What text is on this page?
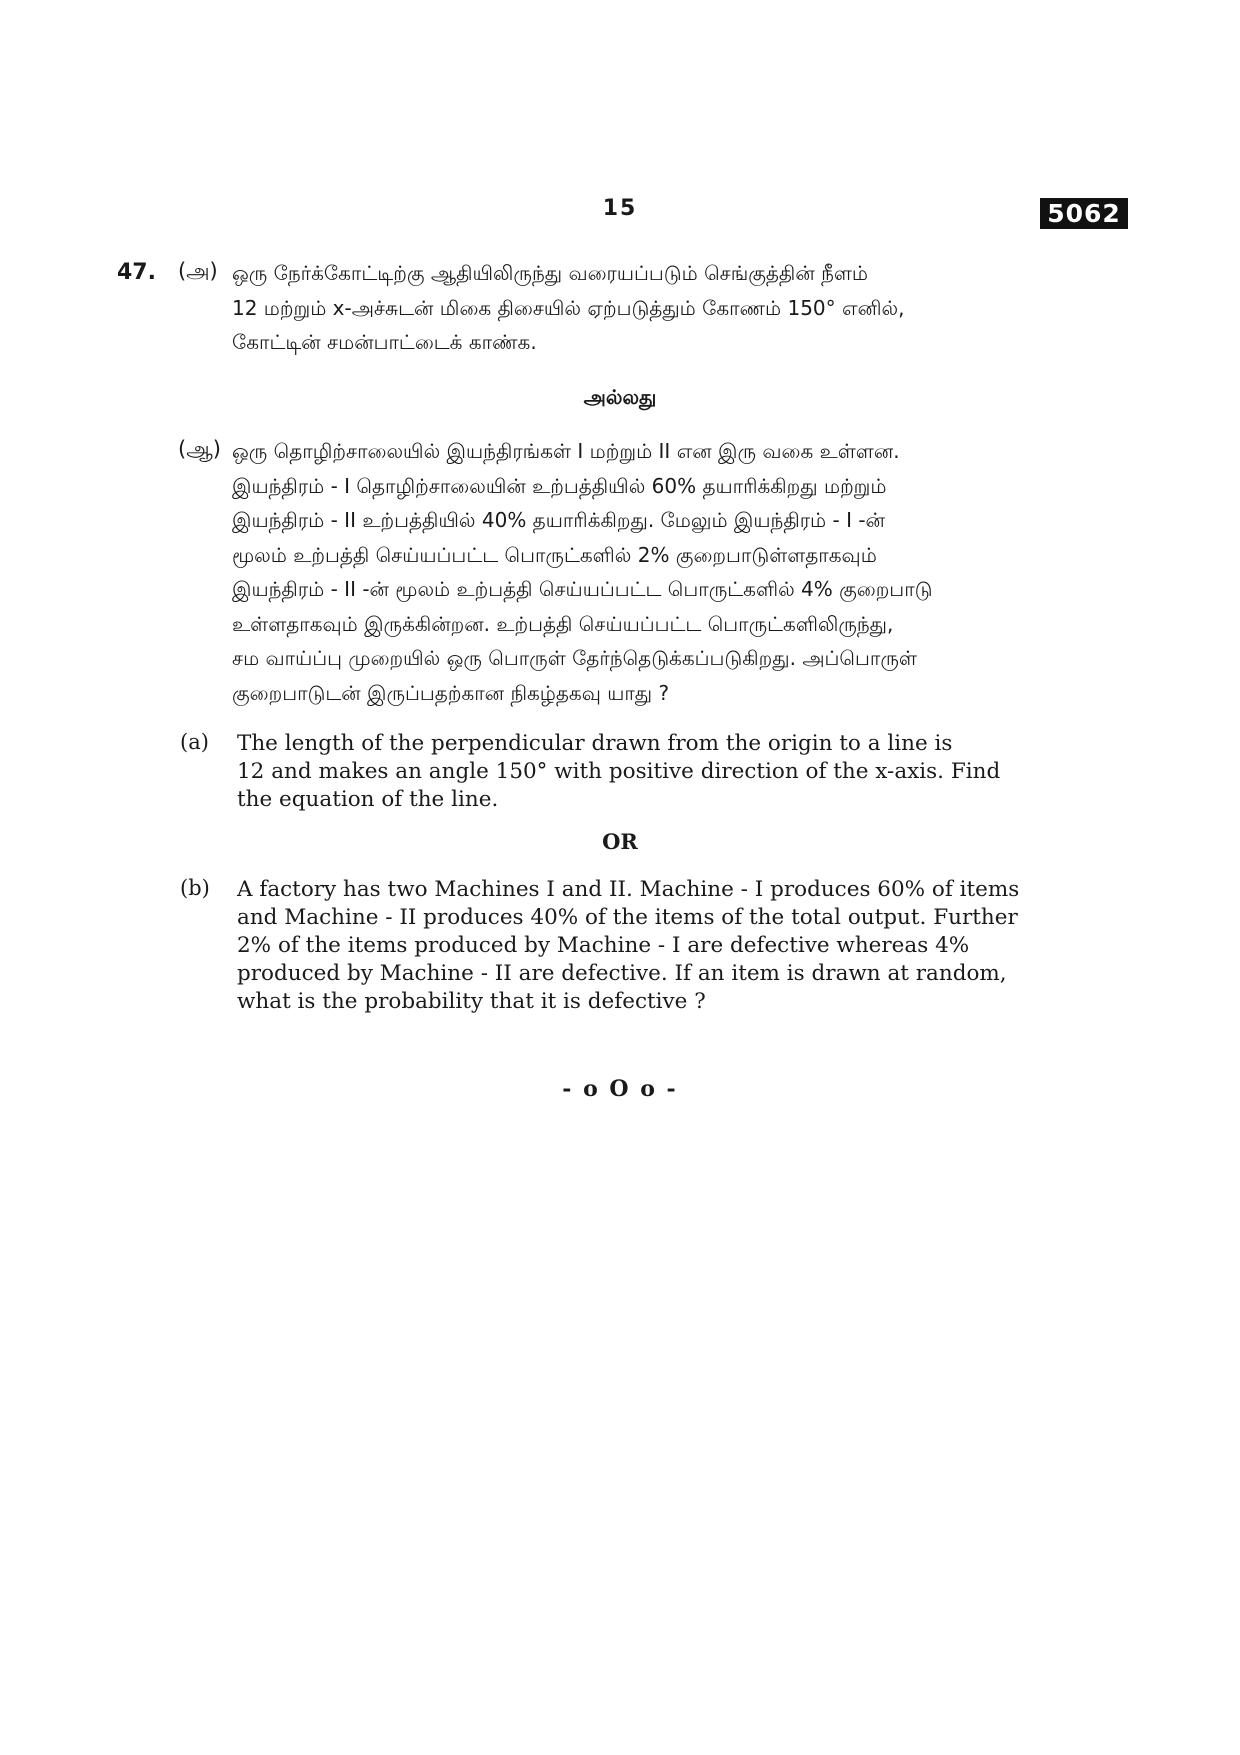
15	5062
47. (அ) ஒரு நேர்க்கோட்டிற்கு ஆதியிலிருந்து வரையப்படும் செங்குத்தின் நீளம்
12 மற்றும் x-அச்சுடன் மிகை திசையில் ஏற்படுத்தும் கோணம் 150° எனில்,
கோட்டின் சமன்பாட்டைக் காண்க.
அல்லது
(ஆ) ஒரு தொழிற்சாலையில் இயந்திரங்கள் I மற்றும் II என இரு வகை உள்ளன.
இயந்திரம் - I தொழிற்சாலையின் உற்பத்தியில் 60% தயாரிக்கிறது மற்றும்
இயந்திரம் - II உற்பத்தியில் 40% தயாரிக்கிறது. மேலும் இயந்திரம் - I -ன்
மூலம் உற்பத்தி செய்யப்பட்ட பொருட்களில் 2% குறைபாடுள்ளதாகவும்
இயந்திரம் - II -ன் மூலம் உற்பத்தி செய்யப்பட்ட பொருட்களில் 4% குறைபாடு
உள்ளதாகவும் இருக்கின்றன. உற்பத்தி செய்யப்பட்ட பொருட்களிலிருந்து,
சம வாய்ப்பு முறையில் ஒரு பொருள் தேர்ந்தெடுக்கப்படுகிறது. அப்பொருள்
குறைபாடுடன் இருப்பதற்கான நிகழ்தகவு யாது ?
(a) The length of the perpendicular drawn from the origin to a line is
12 and makes an angle 150° with positive direction of the x-axis. Find
the equation of the line.
OR
(b) A factory has two Machines I and II. Machine - I produces 60% of items
and Machine - II produces 40% of the items of the total output. Further
2% of the items produced by Machine - I are defective whereas 4%
produced by Machine - II are defective. If an item is drawn at random,
what is the probability that it is defective ?
- o O o -
